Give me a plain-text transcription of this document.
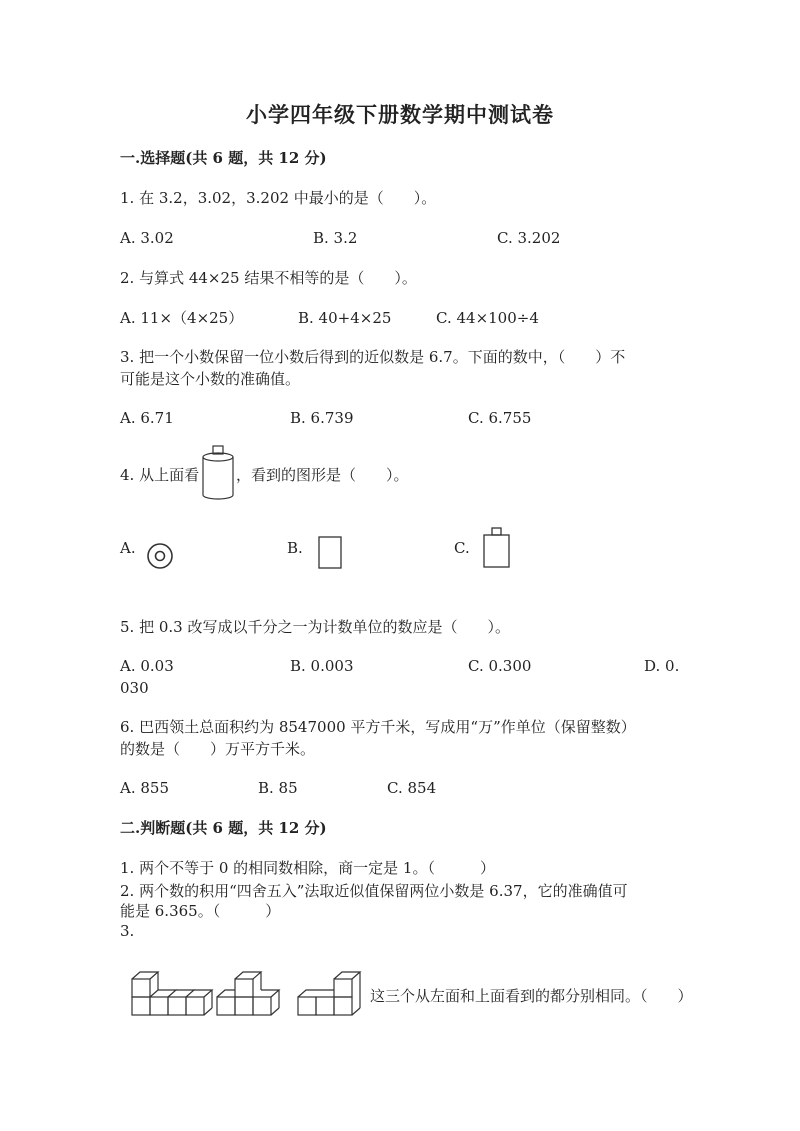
小学四年级下册数学期中测试卷
一.选择题(共 6 题，共 12 分)
1. 在 3.2，3.02，3.202 中最小的是（　　）。
A. 3.02	B. 3.2	C. 3.202
2. 与算式 44×25 结果不相等的是（　　）。
A. 11×（4×25）	B. 40+4×25	C. 44×100÷4
3. 把一个小数保留一位小数后得到的近似数是 6.7。下面的数中，（　　）不
可能是这个小数的准确值。
A. 6.71	B. 6.739	C. 6.755
4. 从上面看 ，看到的图形是（　　）。
A.	B.	C.
5. 把 0.3 改写成以千分之一为计数单位的数应是（　　）。
A. 0.03	B. 0.003	C. 0.300	D. 0.
030
6. 巴西领土总面积约为 8547000 平方千米，写成用“万”作单位（保留整数）
的数是（　　）万平方千米。
A. 855	B. 85	C. 854
二.判断题(共 6 题，共 12 分)
1. 两个不等于 0 的相同数相除，商一定是 1。（　　　）
2. 两个数的积用“四舍五入”法取近似值保留两位小数是 6.37，它的准确值可
能是 6.365。（　　　）
3.
这三个从左面和上面看到的都分别相同。（　　）
